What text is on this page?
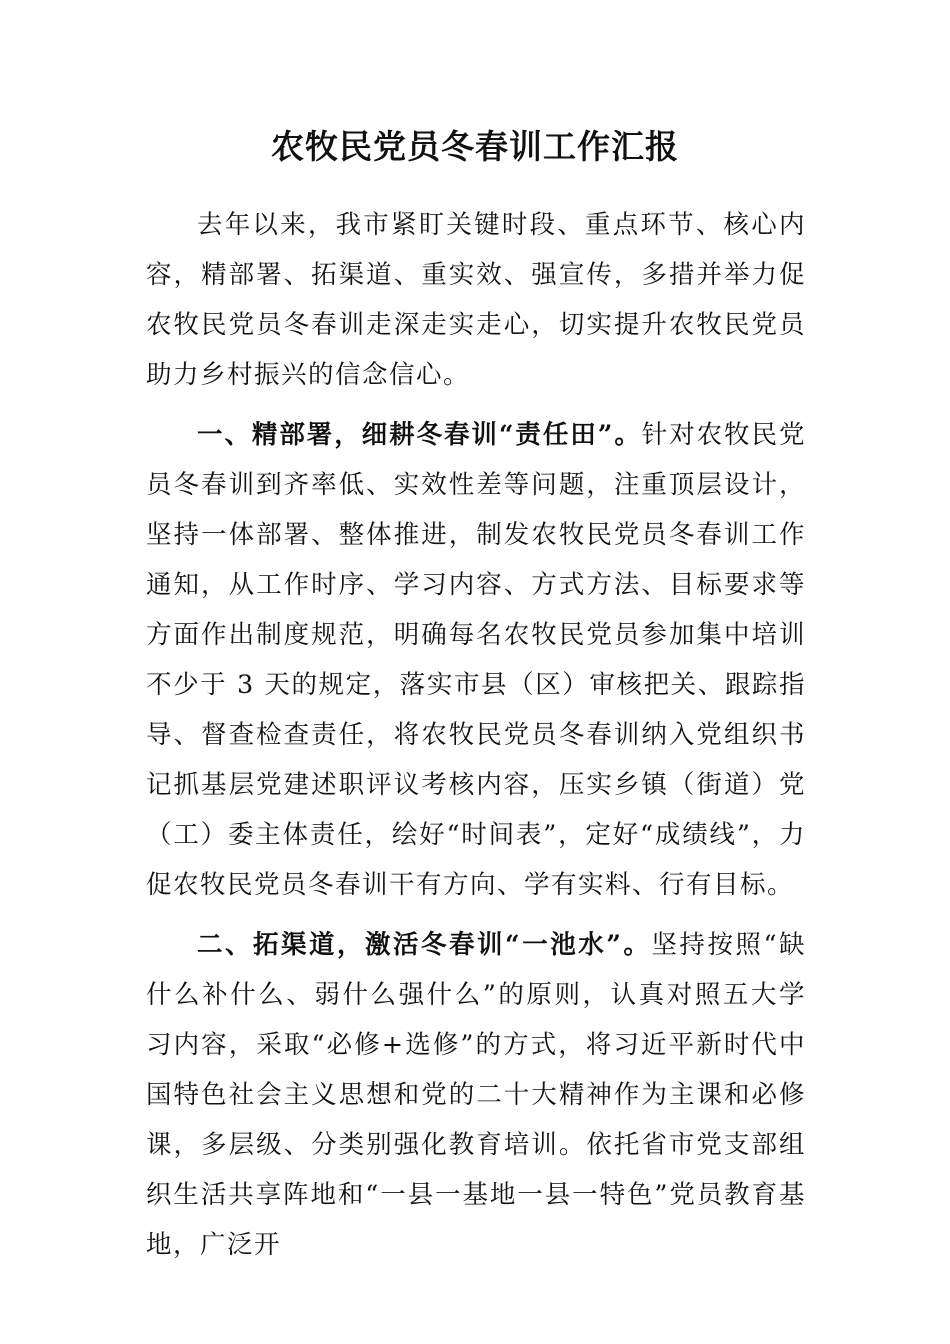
农牧民党员冬春训工作汇报

去年以来，我市紧盯关键时段、重点环节、核心内容，精部署、拓渠道、重实效、强宣传，多措并举力促农牧民党员冬春训走深走实走心，切实提升农牧民党员助力乡村振兴的信念信心。

一、精部署，细耕冬春训“责任田”。针对农牧民党员冬春训到齐率低、实效性差等问题，注重顶层设计，坚持一体部署、整体推进，制发农牧民党员冬春训工作通知，从工作时序、学习内容、方式方法、目标要求等方面作出制度规范，明确每名农牧民党员参加集中培训不少于 3 天的规定，落实市县（区）审核把关、跟踪指导、督查检查责任，将农牧民党员冬春训纳入党组织书记抓基层党建述职评议考核内容，压实乡镇（街道）党（工）委主体责任，绘好“时间表”，定好“成绩线”，力促农牧民党员冬春训干有方向、学有实料、行有目标。

二、拓渠道，激活冬春训“一池水”。坚持按照“缺什么补什么、弱什么强什么”的原则，认真对照五大学习内容，采取“必修+选修”的方式，将习近平新时代中国特色社会主义思想和党的二十大精神作为主课和必修课，多层级、分类别强化教育培训。依托省市党支部组织生活共享阵地和“一县一基地一县一特色”党员教育基地，广泛开
